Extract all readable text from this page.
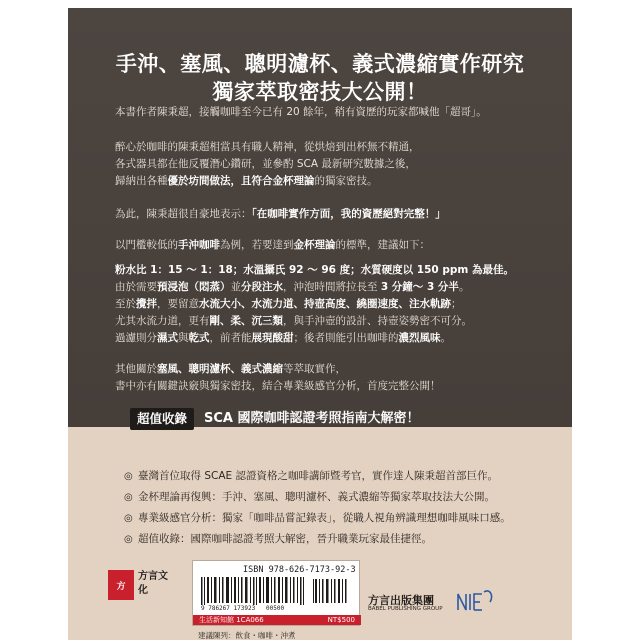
手沖、塞風、聰明濾杯、義式濃縮實作研究
獨家萃取密技大公開！
本書作者陳秉超，接觸咖啡至今已有 20 餘年，稍有資歷的玩家都喊他「超哥」。
醉心於咖啡的陳秉超相當具有職人精神，從烘焙到出杯無不精通，
各式器具都在他反覆潛心鑽研，並參酌 SCA 最新研究數據之後，
歸納出各種優於坊間做法，且符合金杯理論的獨家密技。
為此，陳秉超很自豪地表示：「在咖啡實作方面，我的資歷絕對完整！」
以門檻較低的手沖咖啡為例，若要達到金杯理論的標準，建議如下：
粉水比 1：15 ～ 1：18；水溫攝氏 92 ～ 96 度；水質硬度以 150 ppm 為最佳。
由於需要預浸泡（悶蒸）並分段注水，沖泡時間將拉長至 3 分鐘～ 3 分半。
至於攪拌，要留意水流大小、水流力道、持壺高度、繞圈速度、注水軌跡；
尤其水流力道，更有剛、柔、沉三類，與手沖壺的設計、持壺姿勢密不可分。
過濾則分濕式與乾式，前者能展現酸甜；後者則能引出咖啡的濃烈風味。
其他關於塞風、聰明濾杯、義式濃縮等萃取實作，
書中亦有關鍵訣竅與獨家密技，結合專業級感官分析，首度完整公開！
超值收錄	SCA 國際咖啡認證考照指南大解密！
◎ 臺灣首位取得 SCAE 認證資格之咖啡講師暨考官，實作達人陳秉超首部巨作。
◎ 金杯理論再復興：手沖、塞風、聰明濾杯、義式濃縮等獨家萃取技法大公開。
◎ 專業級感官分析：獨家「咖啡品嘗記錄表」，從職人視角辨識理想咖啡風味口感。
◎ 超值收錄：國際咖啡認證考照大解密，晉升職業玩家最佳捷徑。
方
方言文化
ISBN 978-626-7173-92-3
9 786267 173923 00500
生活新知館 1CA066	NT$500
建議陳列：飲食・咖啡・沖煮
方言出版集團
BABEL PUBLISHING GROUP
